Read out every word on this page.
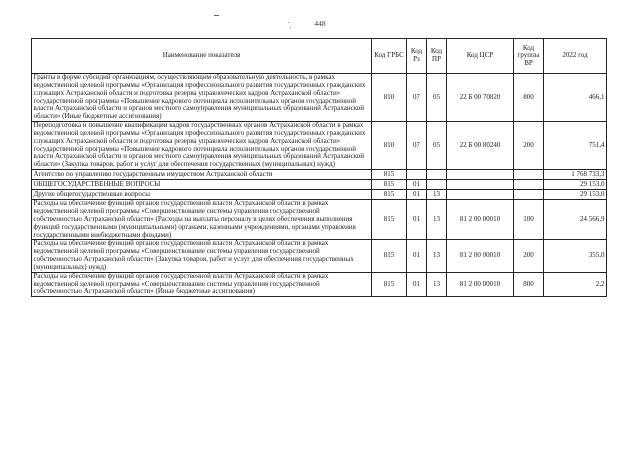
448
Наименование показателя	Код ГРБС	Код Рз	Код ПР	Код ЦСР	Код группы ВР	2022 год
Гранты в форме субсидий организациям, осуществляющим образовательную деятельность, в рамках ведомственной целевой программы «Организация профессионального развития государственных гражданских служащих Астраханской области и подготовка резерва управленческих кадров Астраханской области» государственной программы «Повышение кадрового потенциала исполнительных органов государственной власти Астраханской области и органов местного самоуправления муниципальных образований Астраханской области» (Иные бюджетные ассигнования)	810	07	05	22 Б 00 70820	800	466,1
Переподготовка и повышение квалификации кадров государственных органов Астраханской области в рамках ведомственной целевой программы «Организация профессионального развития государственных гражданских служащих Астраханской области и подготовка резерва управленческих кадров Астраханской области» государственной программы «Повышение кадрового потенциала исполнительных органов государственной власти Астраханской области и органов местного самоуправления муниципальных образований Астраханской области» (Закупка товаров, работ и услуг для обеспечения государственных (муниципальных) нужд)	810	07	05	22 Б 00 80240	200	751,4
Агентство по управлению государственным имуществом Астраханской области	815					1 768 733,3
ОБЩЕГОСУДАРСТВЕННЫЕ ВОПРОСЫ	815	01				29 153,0
Другие общегосударственные вопросы	815	01	13			29 153,0
Расходы на обеспечение функций органов государственной власти Астраханской области в рамках ведомственной целевой программы «Совершенствование системы управления государственной собственностью Астраханской области» (Расходы на выплаты персоналу в целях обеспечения выполнения функций государственными (муниципальными) органами, казенными учреждениями, органами управления государственными внебюджетными фондами)	815	01	13	81 2 00 00010	100	24 566,9
Расходы на обеспечение функций органов государственной власти Астраханской области в рамках ведомственной целевой программы «Совершенствование системы управления государственной собственностью Астраханской области» (Закупка товаров, работ и услуг для обеспечения государственных (муниципальных) нужд)	815	01	13	81 2 00 00010	200	355,0
Расходы на обеспечение функций органов государственной власти Астраханской области в рамках ведомственной целевой программы «Совершенствование системы управления государственной собственностью Астраханской области» (Иные бюджетные ассигнования)	815	01	13	81 2 00 00010	800	2,2
